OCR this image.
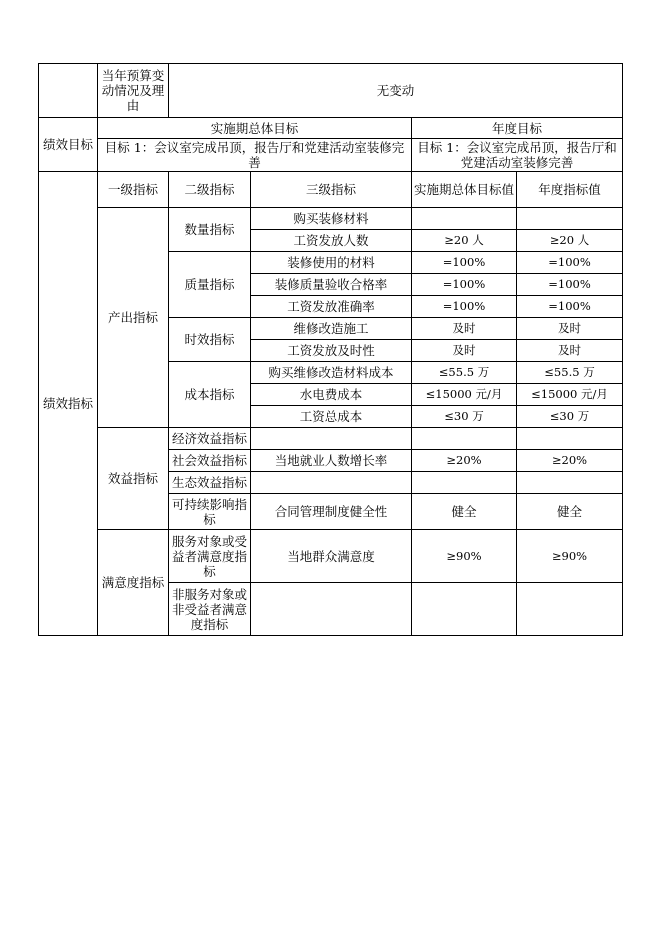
	当年预算变动情况及理由	无变动			
绩效目标	实施期总体目标			年度目标	
	目标 1：会议室完成吊顶，报告厅和党建活动室装修完善			目标 1：会议室完成吊顶，报告厅和党建活动室装修完善	
绩效指标	一级指标	二级指标	三级指标	实施期总体目标值	年度指标值
	产出指标	数量指标	购买装修材料		
			工资发放人数	≥20 人	≥20 人
		质量指标	装修使用的材料	=100%	=100%
			装修质量验收合格率	=100%	=100%
			工资发放准确率	=100%	=100%
		时效指标	维修改造施工	及时	及时
			工资发放及时性	及时	及时
		成本指标	购买维修改造材料成本	≤55.5 万	≤55.5 万
			水电费成本	≤15000 元/月	≤15000 元/月
			工资总成本	≤30 万	≤30 万
	效益指标	经济效益指标			
		社会效益指标	当地就业人数增长率	≥20%	≥20%
		生态效益指标			
		可持续影响指标	合同管理制度健全性	健全	健全
	满意度指标	服务对象或受益者满意度指标	当地群众满意度	≥90%	≥90%
		非服务对象或非受益者满意度指标			
